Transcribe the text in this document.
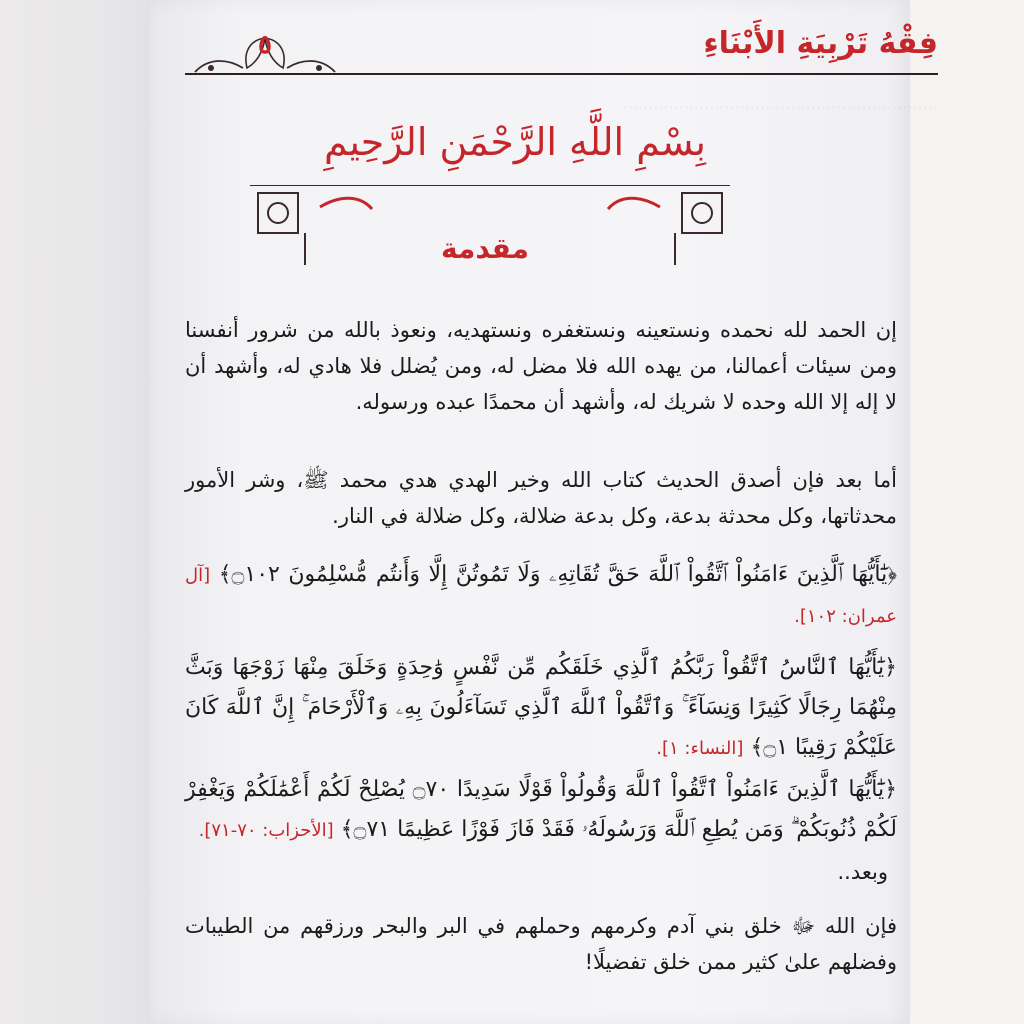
······························································
٥	فِقْهُ تَرْبِيَةِ الأَبْنَاءِ
بِسْمِ اللَّهِ الرَّحْمَنِ الرَّحِيمِ
مقدمة
إن الحمد لله نحمده ونستعينه ونستغفره ونستهديه، ونعوذ بالله من شرور أنفسنا ومن سيئات أعمالنا، من يهده الله فلا مضل له، ومن يُضلل فلا هادي له، وأشهد أن لا إله إلا الله وحده لا شريك له، وأشهد أن محمدًا عبده ورسوله.
أما بعد فإن أصدق الحديث كتاب الله وخير الهدي هدي محمد ﷺ، وشر الأمور محدثاتها، وكل محدثة بدعة، وكل بدعة ضلالة، وكل ضلالة في النار.
﴿يَٰٓأَيُّهَا ٱلَّذِينَ ءَامَنُواْ ٱتَّقُواْ ٱللَّهَ حَقَّ تُقَاتِهِۦ وَلَا تَمُوتُنَّ إِلَّا وَأَنتُم مُّسْلِمُونَ ۝١٠٢﴾ [آل عمران: ١٠٢].
﴿يَٰٓأَيُّهَا ٱلنَّاسُ ٱتَّقُواْ رَبَّكُمُ ٱلَّذِي خَلَقَكُم مِّن نَّفْسٍ وَٰحِدَةٍ وَخَلَقَ مِنْهَا زَوْجَهَا وَبَثَّ مِنْهُمَا رِجَالًا كَثِيرًا وَنِسَآءً ۚ وَٱتَّقُواْ ٱللَّهَ ٱلَّذِي تَسَآءَلُونَ بِهِۦ وَٱلْأَرْحَامَ ۚ إِنَّ ٱللَّهَ كَانَ عَلَيْكُمْ رَقِيبًا ۝١﴾ [النساء: ١].
﴿يَٰٓأَيُّهَا ٱلَّذِينَ ءَامَنُواْ ٱتَّقُواْ ٱللَّهَ وَقُولُواْ قَوْلًا سَدِيدًا ۝٧٠ يُصْلِحْ لَكُمْ أَعْمَٰلَكُمْ وَيَغْفِرْ لَكُمْ ذُنُوبَكُمْ ۗ وَمَن يُطِعِ ٱللَّهَ وَرَسُولَهُۥ فَقَدْ فَازَ فَوْزًا عَظِيمًا ۝٧١﴾ [الأحزاب: ٧٠-٧١].
وبعد..
فإن الله ﷻ خلق بني آدم وكرمهم وحملهم في البر والبحر ورزقهم من الطيبات وفضلهم علىٰ كثير ممن خلق تفضيلًا!
